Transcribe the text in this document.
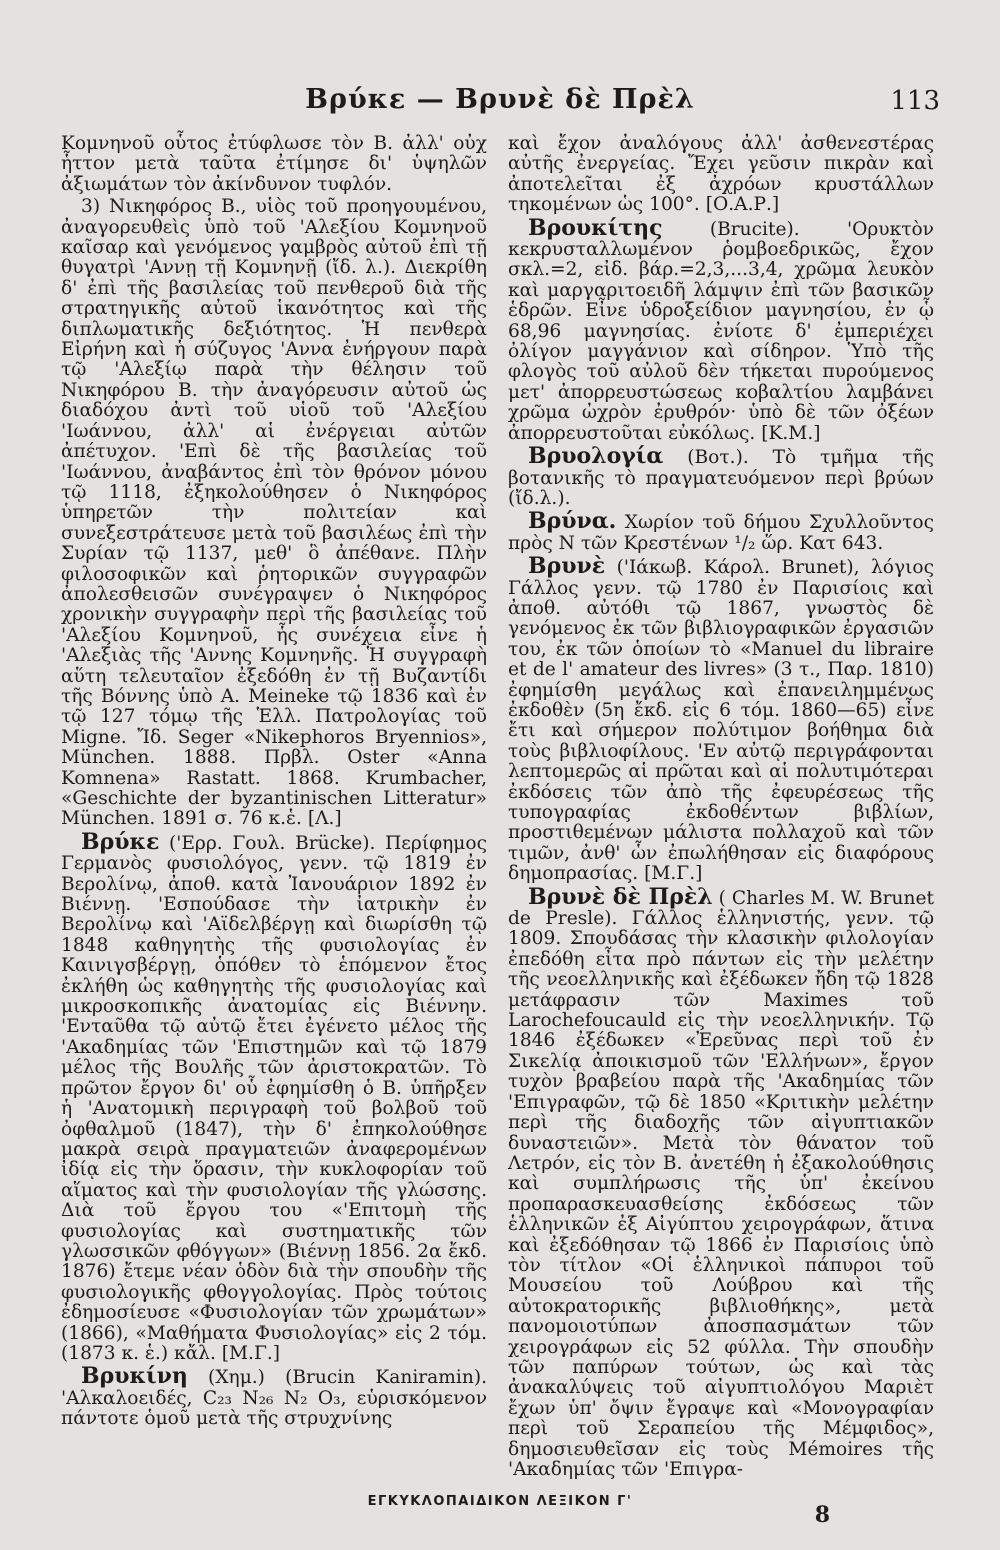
Βρύκε — Βρυνὲ δὲ Πρὲλ	113

Κομνηνοῦ οὗτος ἐτύφλωσε τὸν Β. ἀλλ' οὐχ ἧττον μετὰ ταῦτα ἐτίμησε δι' ὑψηλῶν ἀξιωμάτων τὸν ἀκίνδυνον τυφλόν.

3) Νικηφόρος Β., υἱὸς τοῦ προηγουμένου, ἀναγορευθεὶς ὑπὸ τοῦ 'Αλεξίου Κομνηνοῦ καῖσαρ καὶ γενόμενος γαμβρὸς αὐτοῦ ἐπὶ τῇ θυγατρὶ 'Αννῃ τῇ Κομνηνῇ (ἴδ. λ.). Διεκρίθη δ' ἐπὶ τῆς βασιλείας τοῦ πενθεροῦ διὰ τῆς στρατηγικῆς αὐτοῦ ἱκανότητος καὶ τῆς διπλωματικῆς δεξιότητος. Ἡ πενθερὰ Εἰρήνη καὶ ἡ σύζυγος 'Αννα ἐνήργουν παρὰ τῷ 'Αλεξίῳ παρὰ τὴν θέλησιν τοῦ Νικηφόρου Β. τὴν ἀναγόρευσιν αὐτοῦ ὡς διαδόχου ἀντὶ τοῦ υἱοῦ τοῦ 'Αλεξίου 'Ιωάννου, ἀλλ' αἱ ἐνέργειαι αὐτῶν ἀπέτυχον. 'Επὶ δὲ τῆς βασιλείας τοῦ 'Ιωάννου, ἀναβάντος ἐπὶ τὸν θρόνον μόνου τῷ 1118, ἐξηκολούθησεν ὁ Νικηφόρος ὑπηρετῶν τὴν πολιτείαν καὶ συνεξεστράτευσε μετὰ τοῦ βασιλέως ἐπὶ τὴν Συρίαν τῷ 1137, μεθ' ὃ ἀπέθανε. Πλὴν φιλοσοφικῶν καὶ ῥητορικῶν συγγραφῶν ἀπολεσθεισῶν συνέγραψεν ὁ Νικηφόρος χρονικὴν συγγραφὴν περὶ τῆς βασιλείας τοῦ 'Αλεξίου Κομνηνοῦ, ἧς συνέχεια εἶνε ἡ 'Αλεξιὰς τῆς 'Αννης Κομνηνῆς. Ἡ συγγραφὴ αὕτη τελευταῖον ἐξεδόθη ἐν τῇ Βυζαντίδι τῆς Βόννης ὑπὸ A. Meineke τῷ 1836 καὶ ἐν τῷ 127 τόμῳ τῆς Ἑλλ. Πατρολογίας τοῦ Migne. Ἴδ. Seger «Nikephoros Bryennios», München. 1888. Πρβλ. Oster «Anna Komnena» Rastatt. 1868. Krumbacher, «Geschichte der byzantinischen Litteratur» München. 1891 σ. 76 κ.ἑ. [Λ.]

Βρύκε ('Ερρ. Γουλ. Brücke). Περίφημος Γερμανὸς φυσιολόγος, γενν. τῷ 1819 ἐν Βερολίνῳ, ἀποθ. κατὰ Ἰανουάριον 1892 ἐν Βιέννῃ. 'Εσπούδασε τὴν ἰατρικὴν ἐν Βερολίνῳ καὶ 'Αϊδελβέργῃ καὶ διωρίσθη τῷ 1848 καθηγητὴς τῆς φυσιολογίας ἐν Καινιγσβέργῃ, ὁπόθεν τὸ ἑπόμενον ἔτος ἐκλήθη ὡς καθηγητὴς τῆς φυσιολογίας καὶ μικροσκοπικῆς ἀνατομίας εἰς Βιέννην. 'Ενταῦθα τῷ αὐτῷ ἔτει ἐγένετο μέλος τῆς 'Ακαδημίας τῶν 'Επιστημῶν καὶ τῷ 1879 μέλος τῆς Βουλῆς τῶν ἀριστοκρατῶν. Τὸ πρῶτον ἔργον δι' οὗ ἐφημίσθη ὁ Β. ὑπῆρξεν ἡ 'Ανατομικὴ περιγραφὴ τοῦ βολβοῦ τοῦ ὀφθαλμοῦ (1847), τὴν δ' ἐπηκολούθησε μακρὰ σειρὰ πραγματειῶν ἀναφερομένων ἰδίᾳ εἰς τὴν ὅρασιν, τὴν κυκλοφορίαν τοῦ αἵματος καὶ τὴν φυσιολογίαν τῆς γλώσσης. Διὰ τοῦ ἔργου του «'Επιτομὴ τῆς φυσιολογίας καὶ συστηματικῆς τῶν γλωσσικῶν φθόγγων» (Βιέννῃ 1856. 2α ἔκδ. 1876) ἔτεμε νέαν ὁδὸν διὰ τὴν σπουδὴν τῆς φυσιολογικῆς φθογγολογίας. Πρὸς τούτοις ἐδημοσίευσε «Φυσιολογίαν τῶν χρωμάτων» (1866), «Μαθήματα Φυσιολογίας» εἰς 2 τόμ. (1873 κ. ἑ.) κἄλ. [Μ.Γ.]

Βρυκίνη (Χημ.) (Brucin Kaniramin). 'Αλκαλοειδές, C₂₃ N₂₆ N₂ O₃, εὑρισκόμενον πάντοτε ὁμοῦ μετὰ τῆς στρυχνίνης

καὶ ἔχον ἀναλόγους ἀλλ' ἀσθενεστέρας αὐτῆς ἐνεργείας. Ἔχει γεῦσιν πικρὰν καὶ ἀποτελεῖται ἐξ ἀχρόων κρυστάλλων τηκομένων ὡς 100°. [Ο.Α.Ρ.]

Βρουκίτης (Brucite). 'Ορυκτὸν κεκρυσταλλωμένον ῥομβοεδρικῶς, ἔχον σκλ.=2, εἰδ. βάρ.=2,3,...3,4, χρῶμα λευκὸν καὶ μαργαριτοειδῆ λάμψιν ἐπὶ τῶν βασικῶν ἑδρῶν. Εἶνε ὑδροξείδιον μαγνησίου, ἐν ᾧ 68,96 μαγνησίας. ἐνίοτε δ' ἐμπεριέχει ὀλίγον μαγγάνιον καὶ σίδηρον. Ὑπὸ τῆς φλογὸς τοῦ αὐλοῦ δὲν τήκεται πυρούμενος μετ' ἀπορρευστώσεως κοβαλτίου λαμβάνει χρῶμα ὠχρὸν ἐρυθρόν· ὑπὸ δὲ τῶν ὀξέων ἀπορρευστοῦται εὐκόλως. [Κ.Μ.]

Βρυολογία (Βοτ.). Τὸ τμῆμα τῆς βοτανικῆς τὸ πραγματευόμενον περὶ βρύων (ἴδ.λ.).

Βρύνα. Χωρίον τοῦ δήμου Σχυλλοῦντος πρὸς Ν τῶν Κρεστένων ¹/₂ ὥρ. Κατ 643.

Βρυνὲ ('Ιάκωβ. Κάρολ. Brunet), λόγιος Γάλλος γενν. τῷ 1780 ἐν Παρισίοις καὶ ἀποθ. αὐτόθι τῷ 1867, γνωστὸς δὲ γενόμενος ἐκ τῶν βιβλιογραφικῶν ἐργασιῶν του, ἐκ τῶν ὁποίων τὸ «Manuel du libraire et de l' amateur des livres» (3 τ., Παρ. 1810) ἐφημίσθη μεγάλως καὶ ἐπανειλημμένως ἐκδοθὲν (5η ἔκδ. εἰς 6 τόμ. 1860—65) εἶνε ἔτι καὶ σήμερον πολύτιμον βοήθημα διὰ τοὺς βιβλιοφίλους. 'Εν αὐτῷ περιγράφονται λεπτομερῶς αἱ πρῶται καὶ αἱ πολυτιμότεραι ἐκδόσεις τῶν ἀπὸ τῆς ἐφευρέσεως τῆς τυπογραφίας ἐκδοθέντων βιβλίων, προστιθεμένων μάλιστα πολλαχοῦ καὶ τῶν τιμῶν, ἀνθ' ὧν ἐπωλήθησαν εἰς διαφόρους δημοπρασίας. [Μ.Γ.]

Βρυνὲ δὲ Πρὲλ ( Charles M. W. Brunet de Presle). Γάλλος ἑλληνιστής, γενν. τῷ 1809. Σπουδάσας τὴν κλασικὴν φιλολογίαν ἐπεδόθη εἶτα πρὸ πάντων εἰς τὴν μελέτην τῆς νεοελληνικῆς καὶ ἐξέδωκεν ἤδη τῷ 1828 μετάφρασιν τῶν Maximes τοῦ Larochefoucauld εἰς τὴν νεοελληνικήν. Τῷ 1846 ἐξέδωκεν «Ἐρεῦνας περὶ τοῦ ἐν Σικελίᾳ ἀποικισμοῦ τῶν 'Ελλήνων», ἔργον τυχὸν βραβείου παρὰ τῆς 'Ακαδημίας τῶν 'Επιγραφῶν, τῷ δὲ 1850 «Κριτικὴν μελέτην περὶ τῆς διαδοχῆς τῶν αἰγυπτιακῶν δυναστειῶν». Μετὰ τὸν θάνατον τοῦ Λετρόν, εἰς τὸν Β. ἀνετέθη ἡ ἐξακολούθησις καὶ συμπλήρωσις τῆς ὑπ' ἐκείνου προπαρασκευασθείσης ἐκδόσεως τῶν ἑλληνικῶν ἐξ Αἰγύπτου χειρογράφων, ἅτινα καὶ ἐξεδόθησαν τῷ 1866 ἐν Παρισίοις ὑπὸ τὸν τίτλον «Οἱ ἑλληνικοὶ πάπυροι τοῦ Μουσείου τοῦ Λούβρου καὶ τῆς αὐτοκρατορικῆς βιβλιοθήκης», μετὰ πανομοιοτύπων ἀποσπασμάτων τῶν χειρογράφων εἰς 52 φύλλα. Τὴν σπουδὴν τῶν παπύρων τούτων, ὡς καὶ τὰς ἀνακαλύψεις τοῦ αἰγυπτιολόγου Μαριὲτ ἔχων ὑπ' ὄψιν ἔγραψε καὶ «Μονογραφίαν περὶ τοῦ Σεραπείου τῆς Μέμφιδος», δημοσιευθεῖσαν εἰς τοὺς Mémoires τῆς 'Ακαδημίας τῶν 'Επιγρα-

ΕΓΚΥΚΛΟΠΑΙΔΙΚΟΝ ΛΕΞΙΚΟΝ Γ'
8
